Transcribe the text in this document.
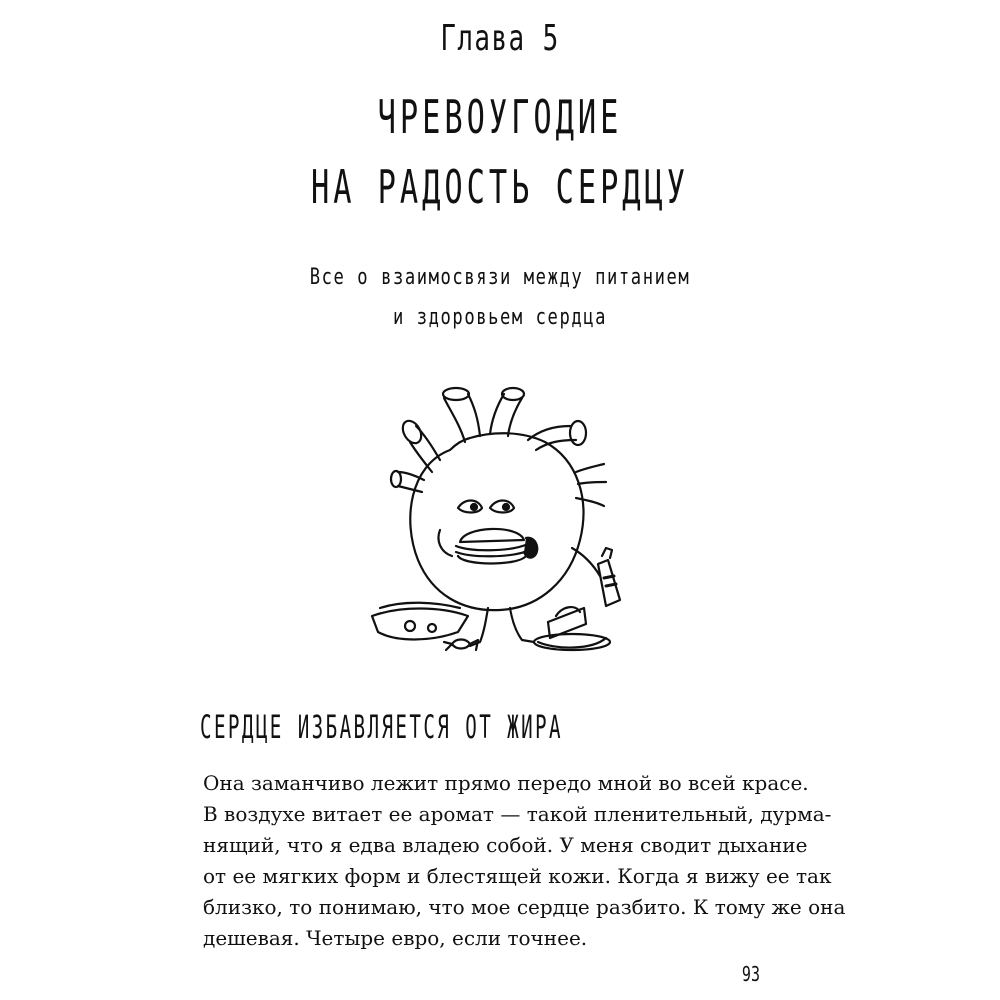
Глава 5
ЧРЕВОУГОДИЕ
НА РАДОСТЬ СЕРДЦУ
Все о взаимосвязи между питанием
и здоровьем сердца
СЕРДЦЕ ИЗБАВЛЯЕТСЯ ОТ ЖИРА
Она заманчиво лежит прямо передо мной во всей красе.
В воздухе витает ее аромат — такой пленительный, дурма-
нящий, что я едва владею собой. У меня сводит дыхание
от ее мягких форм и блестящей кожи. Когда я вижу ее так
близко, то понимаю, что мое сердце разбито. К тому же она
дешевая. Четыре евро, если точнее.
93
